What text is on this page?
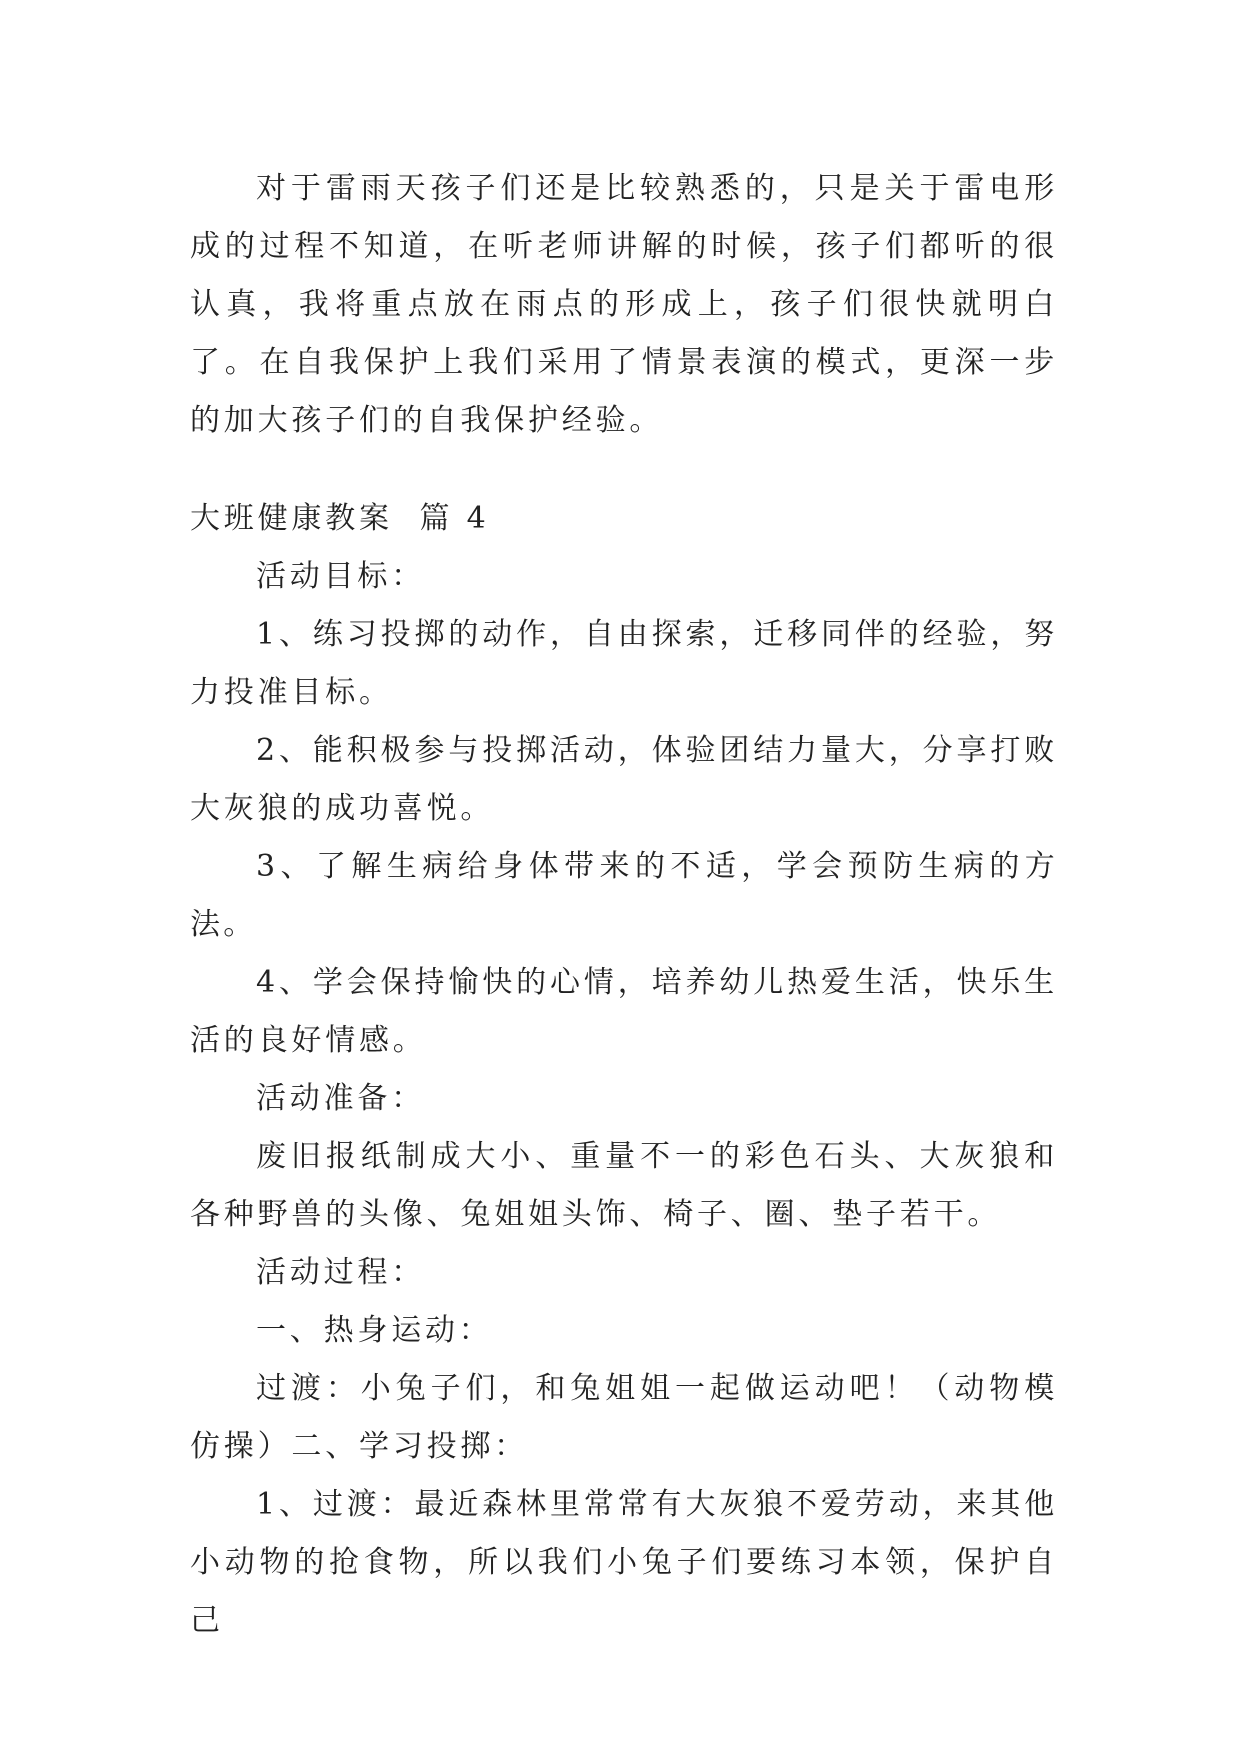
对于雷雨天孩子们还是比较熟悉的，只是关于雷电形成的过程不知道，在听老师讲解的时候，孩子们都听的很认真，我将重点放在雨点的形成上，孩子们很快就明白了。在自我保护上我们采用了情景表演的模式，更深一步的加大孩子们的自我保护经验。

大班健康教案  篇 4

活动目标：

1、练习投掷的动作，自由探索，迁移同伴的经验，努力投准目标。

2、能积极参与投掷活动，体验团结力量大，分享打败大灰狼的成功喜悦。

3、了解生病给身体带来的不适，学会预防生病的方法。

4、学会保持愉快的心情，培养幼儿热爱生活，快乐生活的良好情感。

活动准备：

废旧报纸制成大小、重量不一的彩色石头、大灰狼和各种野兽的头像、兔姐姐头饰、椅子、圈、垫子若干。

活动过程：

一、热身运动：

过渡：小兔子们，和兔姐姐一起做运动吧！（动物模仿操）二、学习投掷：

1、过渡：最近森林里常常有大灰狼不爱劳动，来其他小动物的抢食物，所以我们小兔子们要练习本领，保护自己
